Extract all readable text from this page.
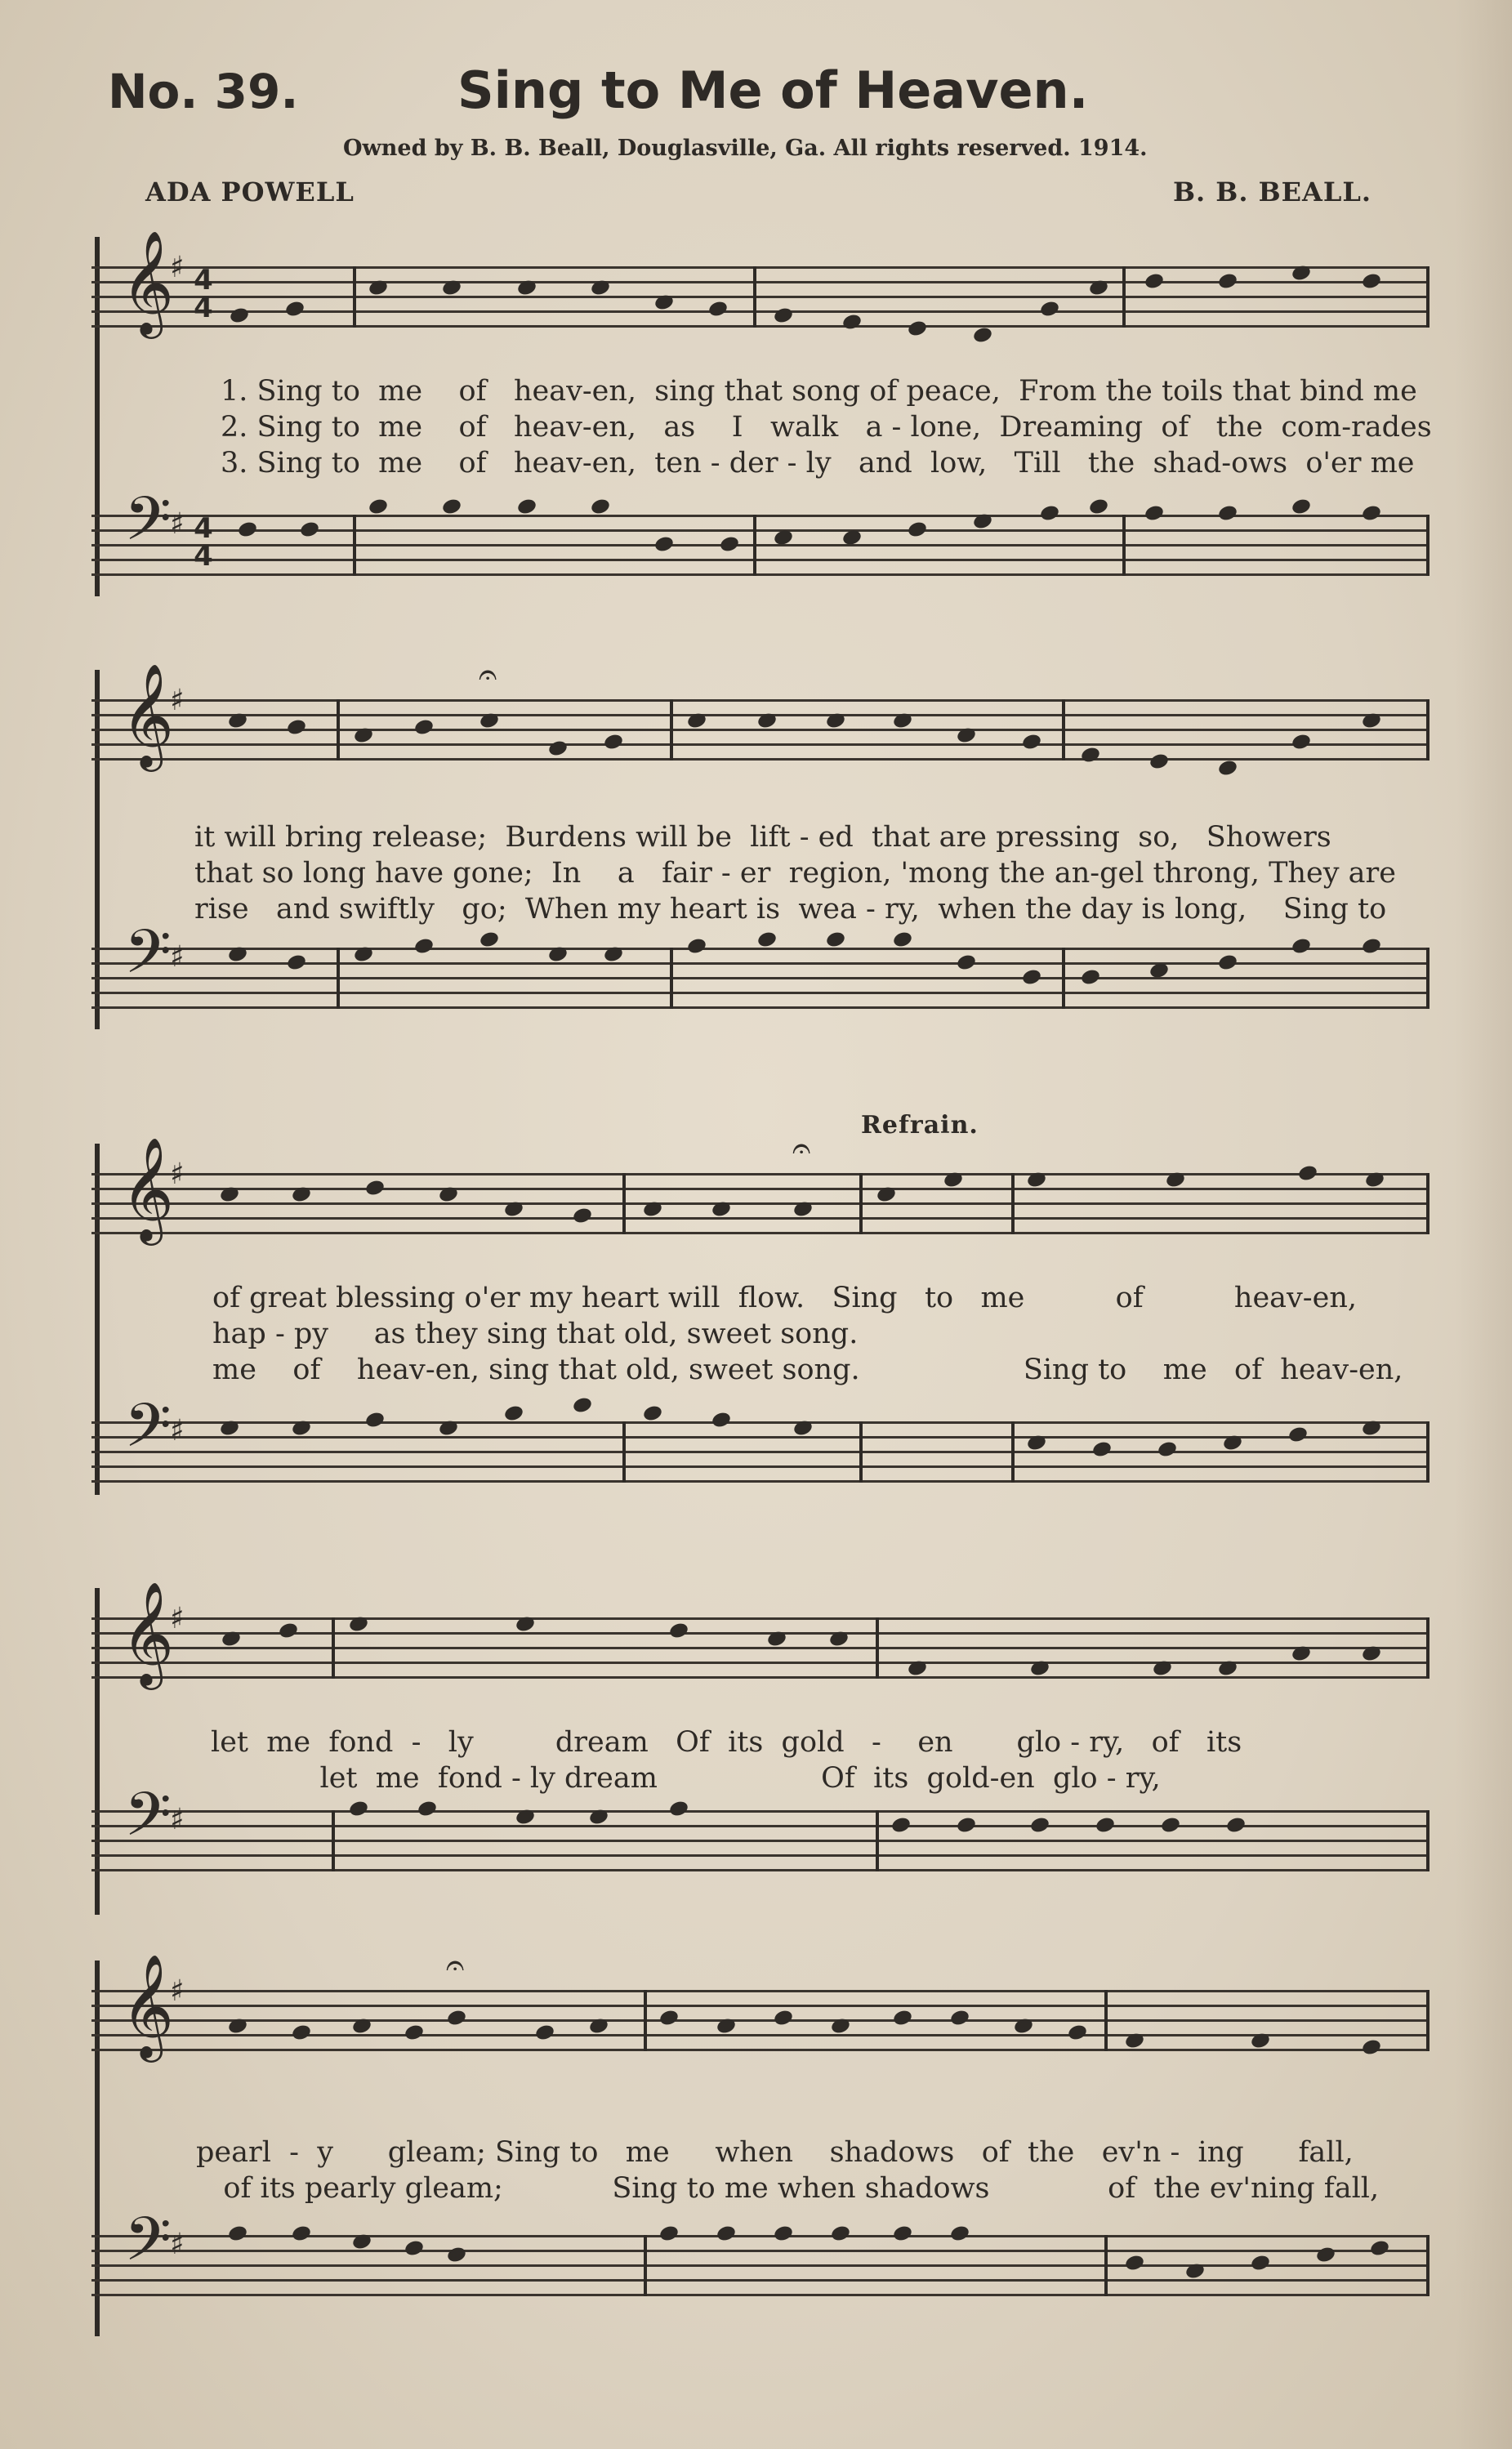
No. 39.	Sing to Me of Heaven.
Owned by B. B. Beall, Douglasville, Ga. All rights reserved. 1914.
ADA POWELL	B. B. BEALL.
𝄞
♯ 4
4
1. Sing to  me    of   heav-en,  sing that song of peace,  From the toils that bind me
2. Sing to  me    of   heav-en,   as    I   walk   a - lone,  Dreaming  of   the  com-rades
3. Sing to  me    of   heav-en,  ten - der - ly   and  low,   Till   the  shad-ows  o'er me
𝄢
♯ 4
4
𝄞
♯
𝄐
it will bring release;  Burdens will be  lift - ed  that are pressing  so,   Showers
that so long have gone;  In    a   fair - er  region, 'mong the an-gel throng, They are
rise   and swiftly   go;  When my heart is  wea - ry,  when the day is long,    Sing to
𝄢
♯
Refrain.
𝄞
♯
𝄐
of great blessing o'er my heart will  flow.   Sing   to   me          of          heav-en,
hap - py     as they sing that old, sweet song.
me    of    heav-en, sing that old, sweet song.                  Sing to    me   of  heav-en,
𝄢
♯
𝄞
♯
let  me  fond  -   ly         dream   Of  its  gold   -    en       glo - ry,   of   its
let  me  fond - ly dream                  Of  its  gold-en  glo - ry,
𝄢
♯
𝄞
♯
𝄐
pearl  -  y      gleam; Sing to   me     when    shadows   of  the   ev'n -  ing      fall,
of its pearly gleam;            Sing to me when shadows             of  the ev'ning fall,
𝄢
♯
